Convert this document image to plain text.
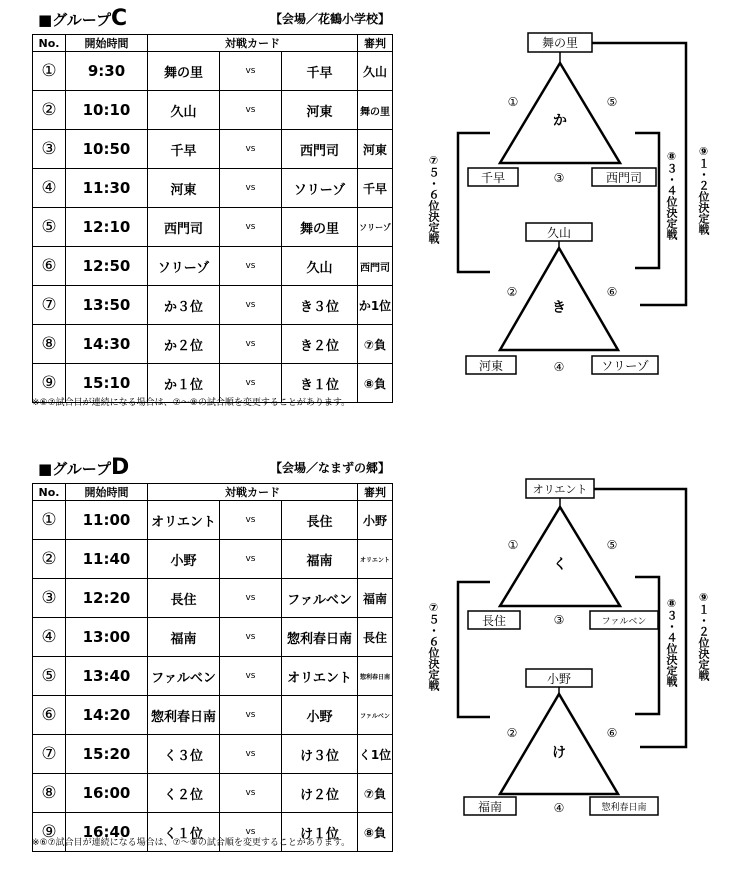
■グループC	【会場／花鶴小学校】
No.	開始時間	対戦カード			審判
①	9:30	舞の里	vs	千早	久山
②	10:10	久山	vs	河東	舞の里
③	10:50	千早	vs	西門司	河東
④	11:30	河東	vs	ソリーゾ	千早
⑤	12:10	西門司	vs	舞の里	ソリーゾ
⑥	12:50	ソリーゾ	vs	久山	西門司
⑦	13:50	か３位	vs	き３位	か1位
⑧	14:30	か２位	vs	き２位	⑦負
⑨	15:10	か１位	vs	き１位	⑧負
※⑥⑦試合目が連続になる場合は、⑦～⑨の試合順を変更することがあります。
舞の里
か
①	⑤
③
千早	西門司
久山
き
②	⑥
④
河東	ソリーゾ
⑦５・６位決定戦	⑧３・４位決定戦 ⑨１・２位決定戦
■グループD	【会場／なまずの郷】
No.	開始時間	対戦カード			審判
①	11:00	オリエント	vs	長住	小野
②	11:40	小野	vs	福南	オリエント
③	12:20	長住	vs	ファルベン	福南
④	13:00	福南	vs	惣利春日南	長住
⑤	13:40	ファルベン	vs	オリエント	惣利春日南
⑥	14:20	惣利春日南	vs	小野	ファルベン
⑦	15:20	く３位	vs	け３位	く1位
⑧	16:00	く２位	vs	け２位	⑦負
⑨	16:40	く１位	vs	け１位	⑧負
※⑥⑦試合目が連続になる場合は、⑦～⑨の試合順を変更することがあります。
オリエント
く
①	⑤
③
長住	ファルベン
小野
け
②	⑥
④
福南	惣利春日南
⑦５・６位決定戦	⑧３・４位決定戦 ⑨１・２位決定戦
